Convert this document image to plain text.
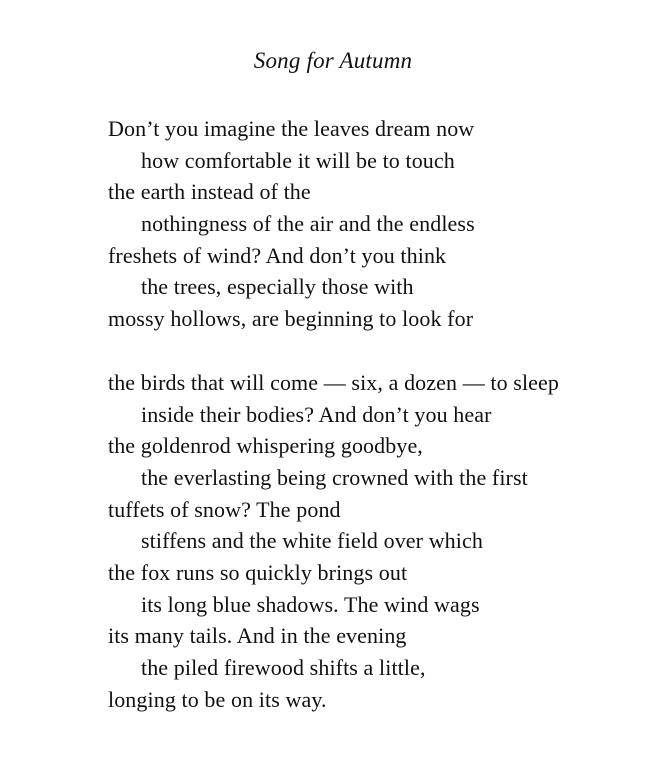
Song for Autumn
Don’t you imagine the leaves dream now
how comfortable it will be to touch
the earth instead of the
nothingness of the air and the endless
freshets of wind? And don’t you think
the trees, especially those with
mossy hollows, are beginning to look for
the birds that will come — six, a dozen — to sleep
inside their bodies? And don’t you hear
the goldenrod whispering goodbye,
the everlasting being crowned with the first
tuffets of snow? The pond
stiffens and the white field over which
the fox runs so quickly brings out
its long blue shadows. The wind wags
its many tails. And in the evening
the piled firewood shifts a little,
longing to be on its way.
